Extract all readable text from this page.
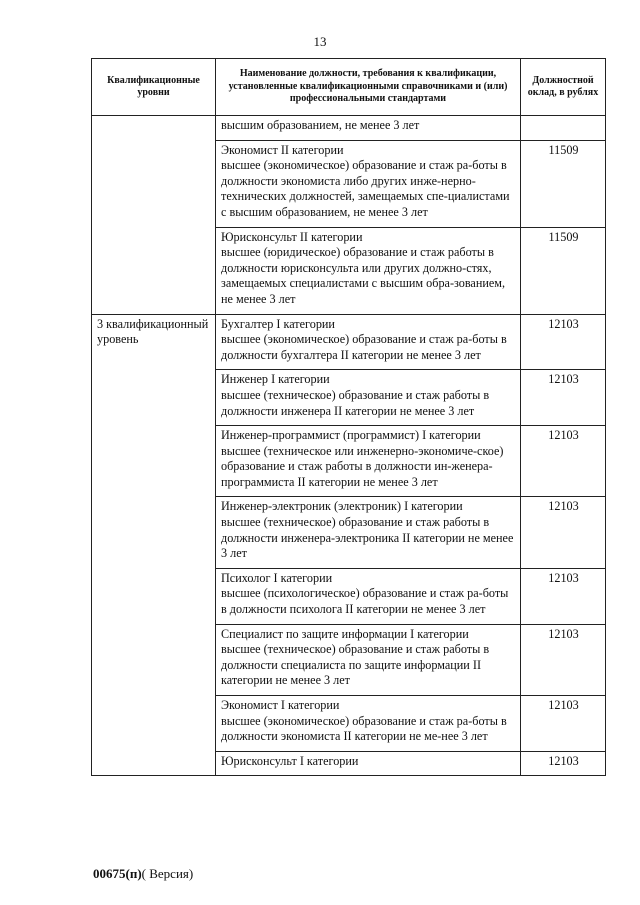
13
Квалификационные уровни	Наименование должности, требования к квалификации, установленные квалификационными справочниками и (или) профессиональными стандартами	Должностной оклад, в рублях

	высшим образованием, не менее 3 лет	

	Экономист II категории
высшее (экономическое) образование и стаж ра-боты в должности экономиста либо других инже-нерно-технических должностей, замещаемых спе-циалистами с высшим образованием, не менее 3 лет	11509

	Юрисконсульт II категории
высшее (юридическое) образование и стаж работы в должности юрисконсульта или других должно-стях, замещаемых специалистами с высшим обра-зованием, не менее 3 лет	11509
3 квалификационный уровень	Бухгалтер I категории
высшее (экономическое) образование и стаж ра-боты в должности бухгалтера II категории не менее 3 лет	12103

	Инженер I категории
высшее (техническое) образование и стаж работы в должности инженера II категории не менее 3 лет	12103

	Инженер-программист (программист) I категории
высшее (техническое или инженерно-экономиче-ское) образование и стаж работы в должности ин-женера-программиста II категории не менее 3 лет	12103

	Инженер-электроник (электроник) I категории
высшее (техническое) образование и стаж работы в должности инженера-электроника II категории не менее 3 лет	12103

	Психолог I категории
высшее (психологическое) образование и стаж ра-боты в должности психолога II категории не менее 3 лет	12103

	Специалист по защите информации I категории
высшее (техническое) образование и стаж работы в должности специалиста по защите информации II категории не менее 3 лет	12103

	Экономист I категории
высшее (экономическое) образование и стаж ра-боты в должности экономиста II категории не ме-нее 3 лет	12103

	Юрисконсульт I категории	12103
00675(п)( Версия)
